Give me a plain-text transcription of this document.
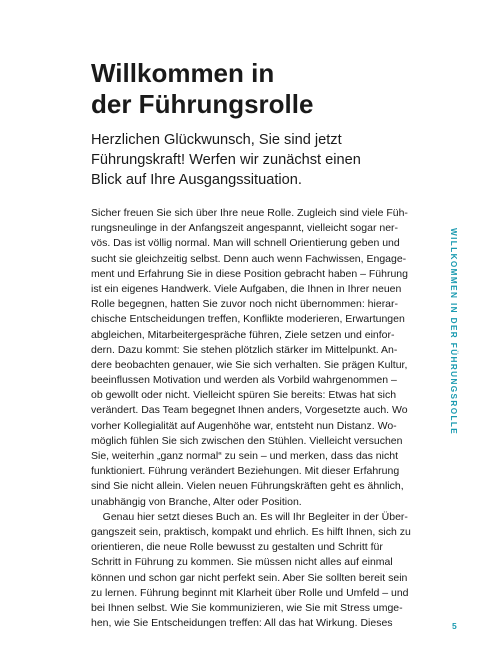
Willkommen in
der Führungsrolle

Herzlichen Glückwunsch, Sie sind jetzt
Führungskraft! Werfen wir zunächst einen
Blick auf Ihre Ausgangssituation.

Sicher freuen Sie sich über Ihre neue Rolle. Zugleich sind viele Füh-
rungsneulinge in der Anfangszeit angespannt, vielleicht sogar ner-
vös. Das ist völlig normal. Man will schnell Orientierung geben und
sucht sie gleichzeitig selbst. Denn auch wenn Fachwissen, Engage-
ment und Erfahrung Sie in diese Position gebracht haben – Führung
ist ein eigenes Handwerk. Viele Aufgaben, die Ihnen in Ihrer neuen
Rolle begegnen, hatten Sie zuvor noch nicht übernommen: hierar-
chische Entscheidungen treffen, Konflikte moderieren, Erwartungen
abgleichen, Mitarbeitergespräche führen, Ziele setzen und einfor-
dern. Dazu kommt: Sie stehen plötzlich stärker im Mittelpunkt. An-
dere beobachten genauer, wie Sie sich verhalten. Sie prägen Kultur,
beeinflussen Motivation und werden als Vorbild wahrgenommen –
ob gewollt oder nicht. Vielleicht spüren Sie bereits: Etwas hat sich
verändert. Das Team begegnet Ihnen anders, Vorgesetzte auch. Wo
vorher Kollegialität auf Augenhöhe war, entsteht nun Distanz. Wo-
möglich fühlen Sie sich zwischen den Stühlen. Vielleicht versuchen
Sie, weiterhin „ganz normal“ zu sein – und merken, dass das nicht
funktioniert. Führung verändert Beziehungen. Mit dieser Erfahrung
sind Sie nicht allein. Vielen neuen Führungskräften geht es ähnlich,
unabhängig von Branche, Alter oder Position.
Genau hier setzt dieses Buch an. Es will Ihr Begleiter in der Über-
gangszeit sein, praktisch, kompakt und ehrlich. Es hilft Ihnen, sich zu
orientieren, die neue Rolle bewusst zu gestalten und Schritt für
Schritt in Führung zu kommen. Sie müssen nicht alles auf einmal
können und schon gar nicht perfekt sein. Aber Sie sollten bereit sein
zu lernen. Führung beginnt mit Klarheit über Rolle und Umfeld – und
bei Ihnen selbst. Wie Sie kommunizieren, wie Sie mit Stress umge-
hen, wie Sie Entscheidungen treffen: All das hat Wirkung. Dieses
WILLKOMMEN IN DER FÜHRUNGSROLLE
5
